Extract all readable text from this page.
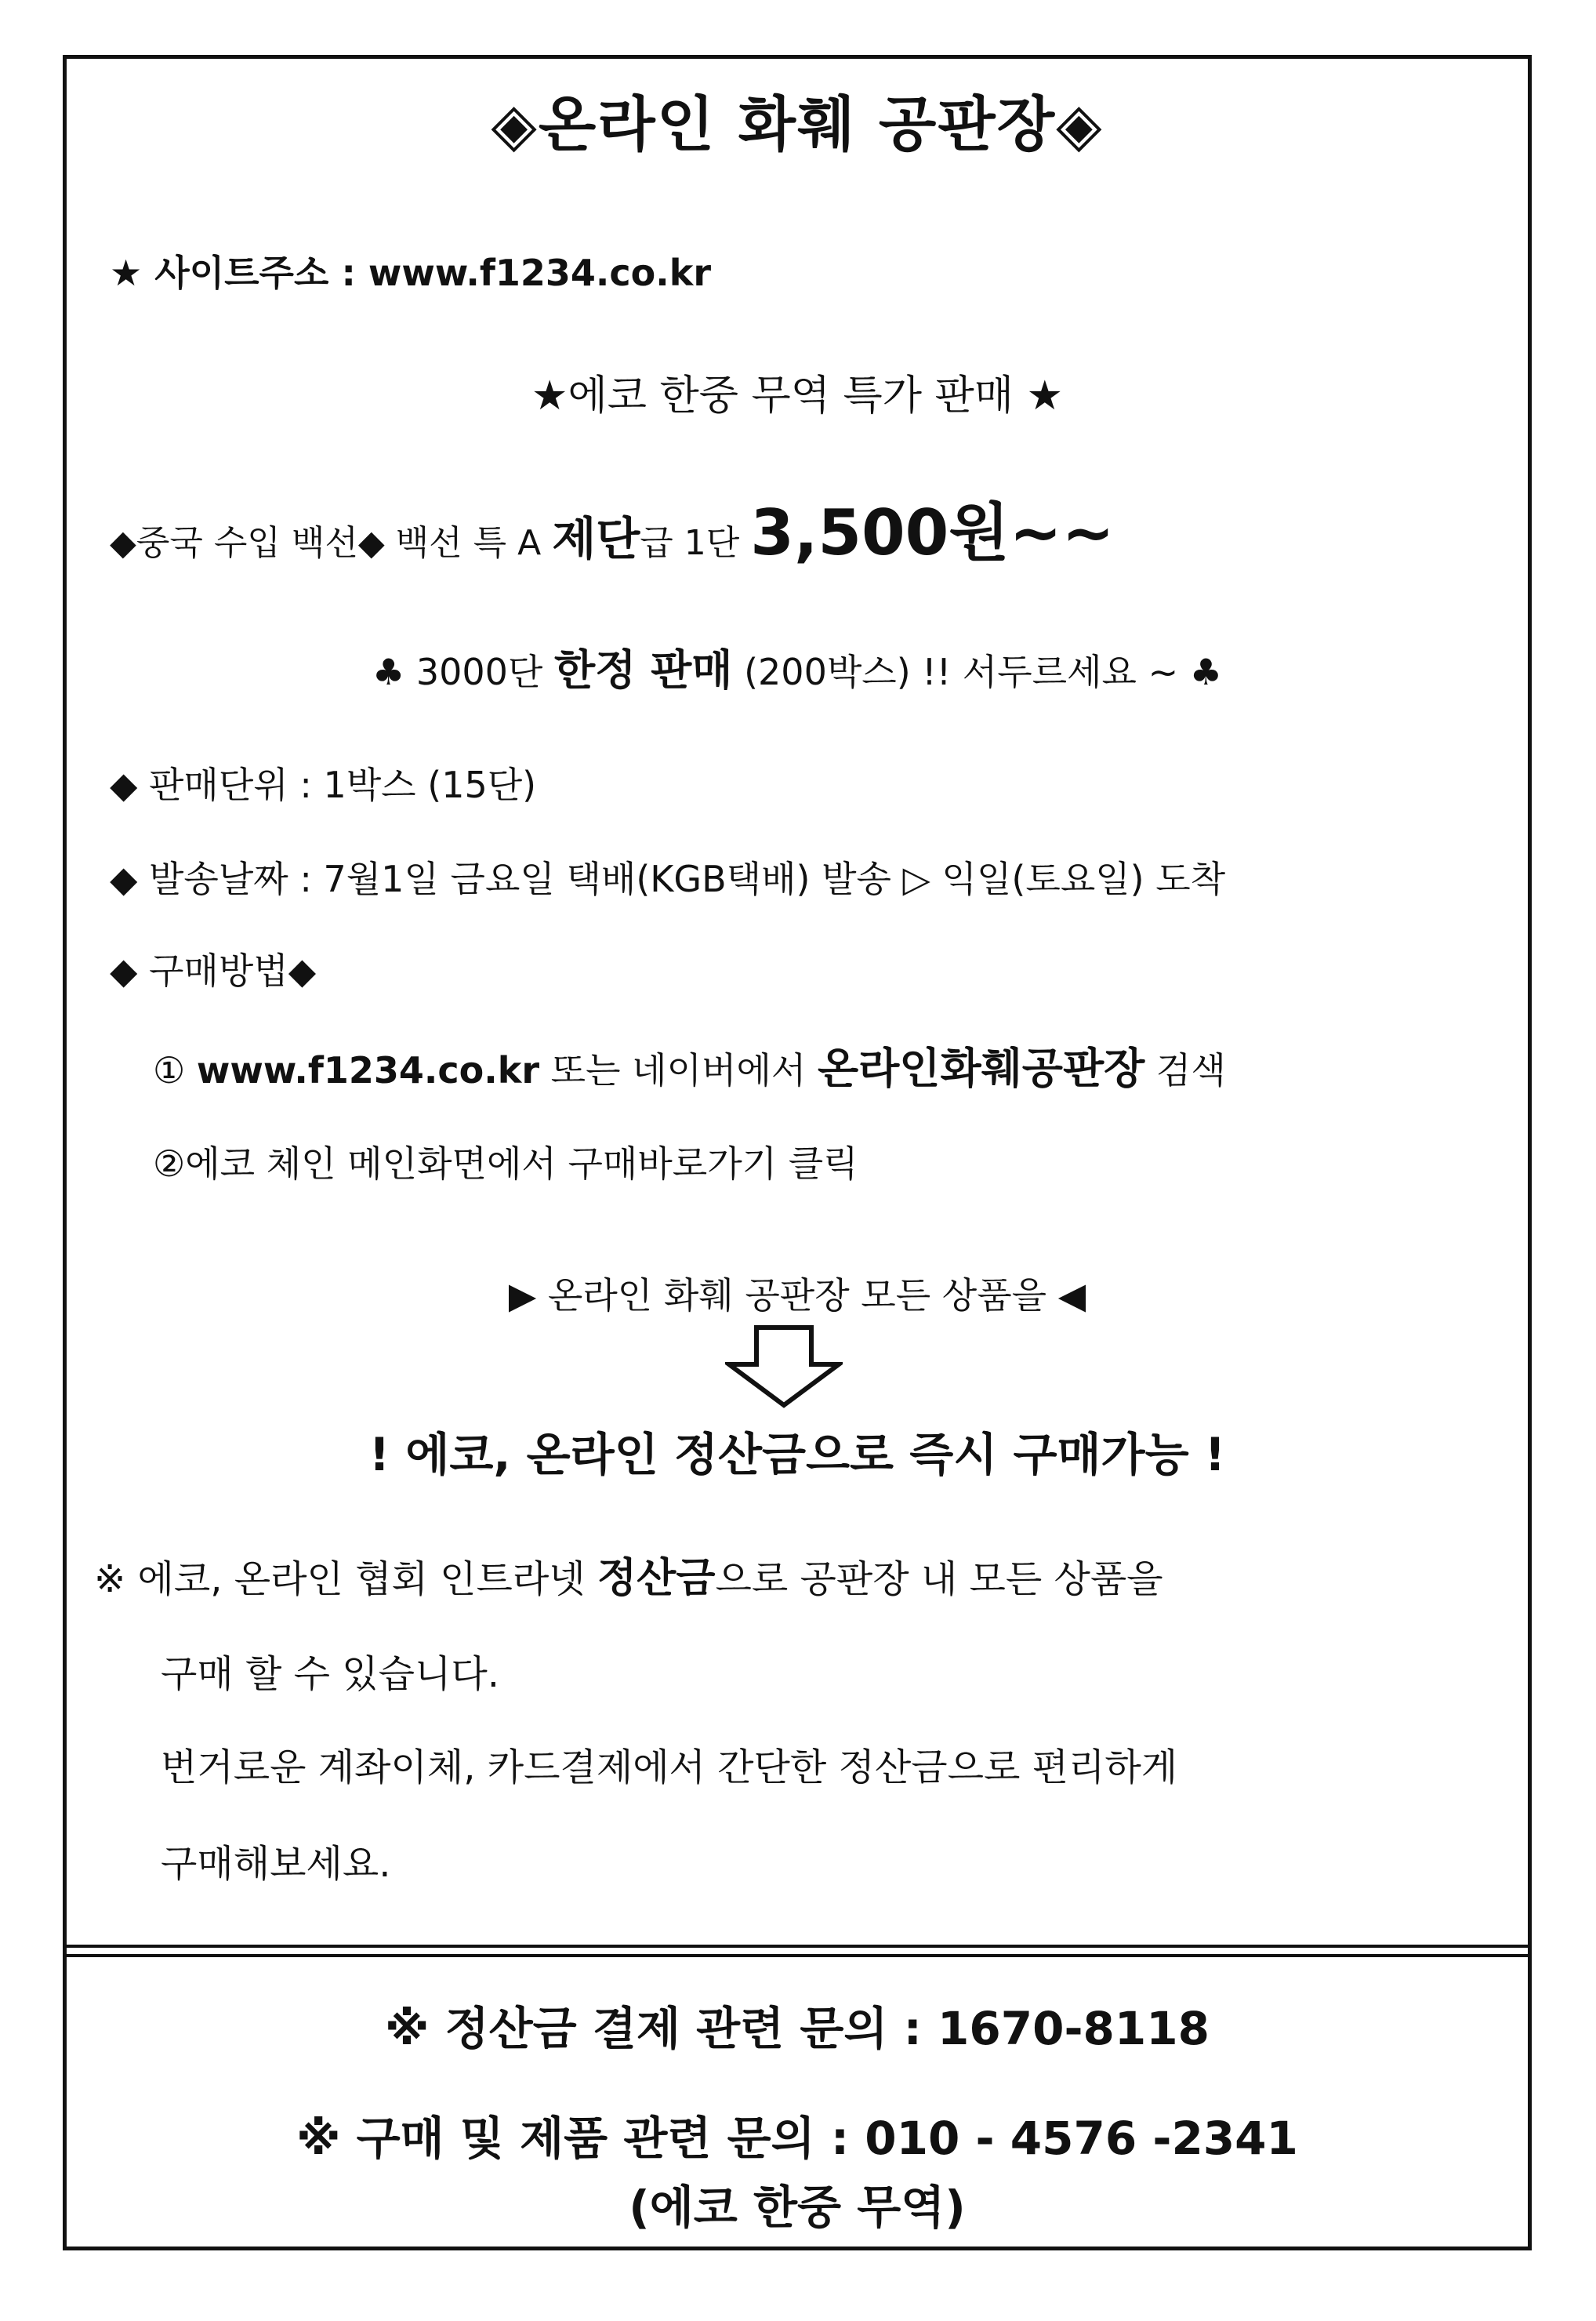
◈온라인 화훼 공판장◈
★ 사이트주소 : www.f1234.co.kr
★에코 한중 무역 특가 판매 ★
◆중국 수입 백선◆ 백선 특 A 제단급 1단 3,500원~~
♣ 3000단 한정 판매 (200박스) !! 서두르세요 ~ ♣
◆ 판매단위 : 1박스 (15단)
◆ 발송날짜 : 7월1일 금요일 택배(KGB택배) 발송 ▷ 익일(토요일) 도착
◆ 구매방법◆
① www.f1234.co.kr 또는 네이버에서 온라인화훼공판장 검색
②에코 체인 메인화면에서 구매바로가기 클릭
▶ 온라인 화훼 공판장 모든 상품을 ◀
! 에코, 온라인 정산금으로 즉시 구매가능 !
※ 에코, 온라인 협회 인트라넷 정산금으로 공판장 내 모든 상품을
구매 할 수 있습니다.
번거로운 계좌이체, 카드결제에서 간단한 정산금으로 편리하게
구매해보세요.
※ 정산금 결제 관련 문의 : 1670-8118
※ 구매 및 제품 관련 문의 : 010 - 4576 -2341
(에코 한중 무역)
